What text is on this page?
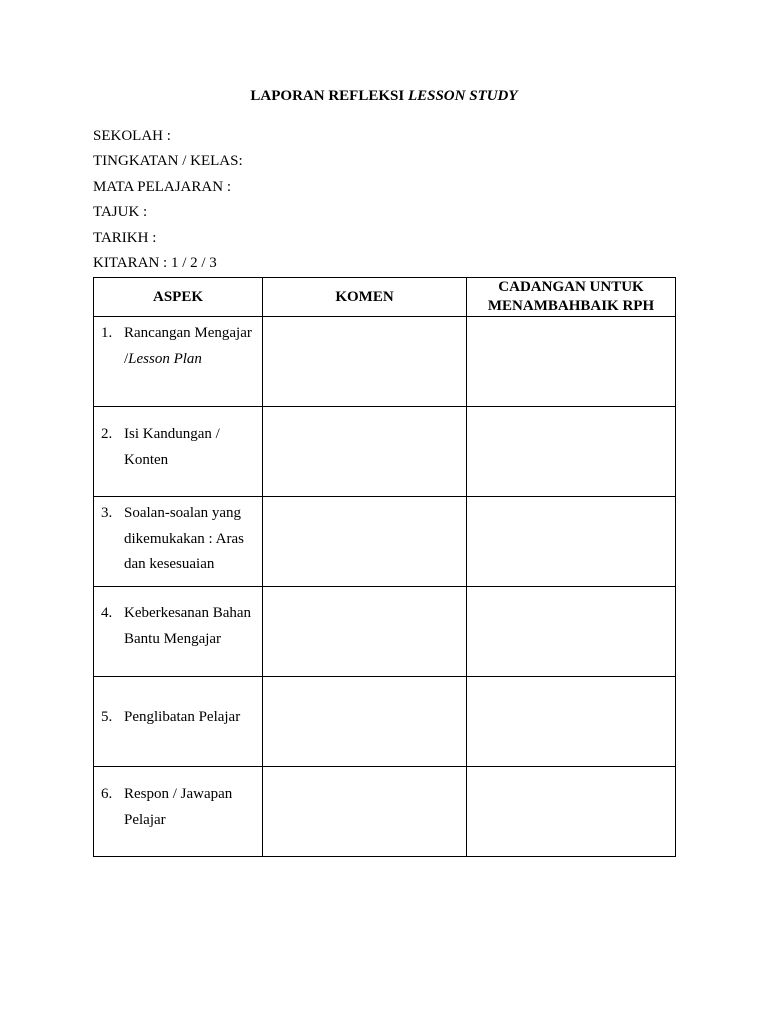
LAPORAN REFLEKSI LESSON STUDY
SEKOLAH :
TINGKATAN / KELAS:
MATA PELAJARAN :
TAJUK :
TARIKH :
KITARAN : 1 / 2 / 3
ASPEK	KOMEN	CADANGAN UNTUK
MENAMBAHBAIK RPH

1. Rancangan Mengajar /Lesson Plan		

2. Isi Kandungan / Konten		

3. Soalan-soalan yang dikemukakan : Aras dan kesesuaian		

4. Keberkesanan Bahan Bantu Mengajar		

5. Penglibatan Pelajar		

6. Respon / Jawapan Pelajar		
